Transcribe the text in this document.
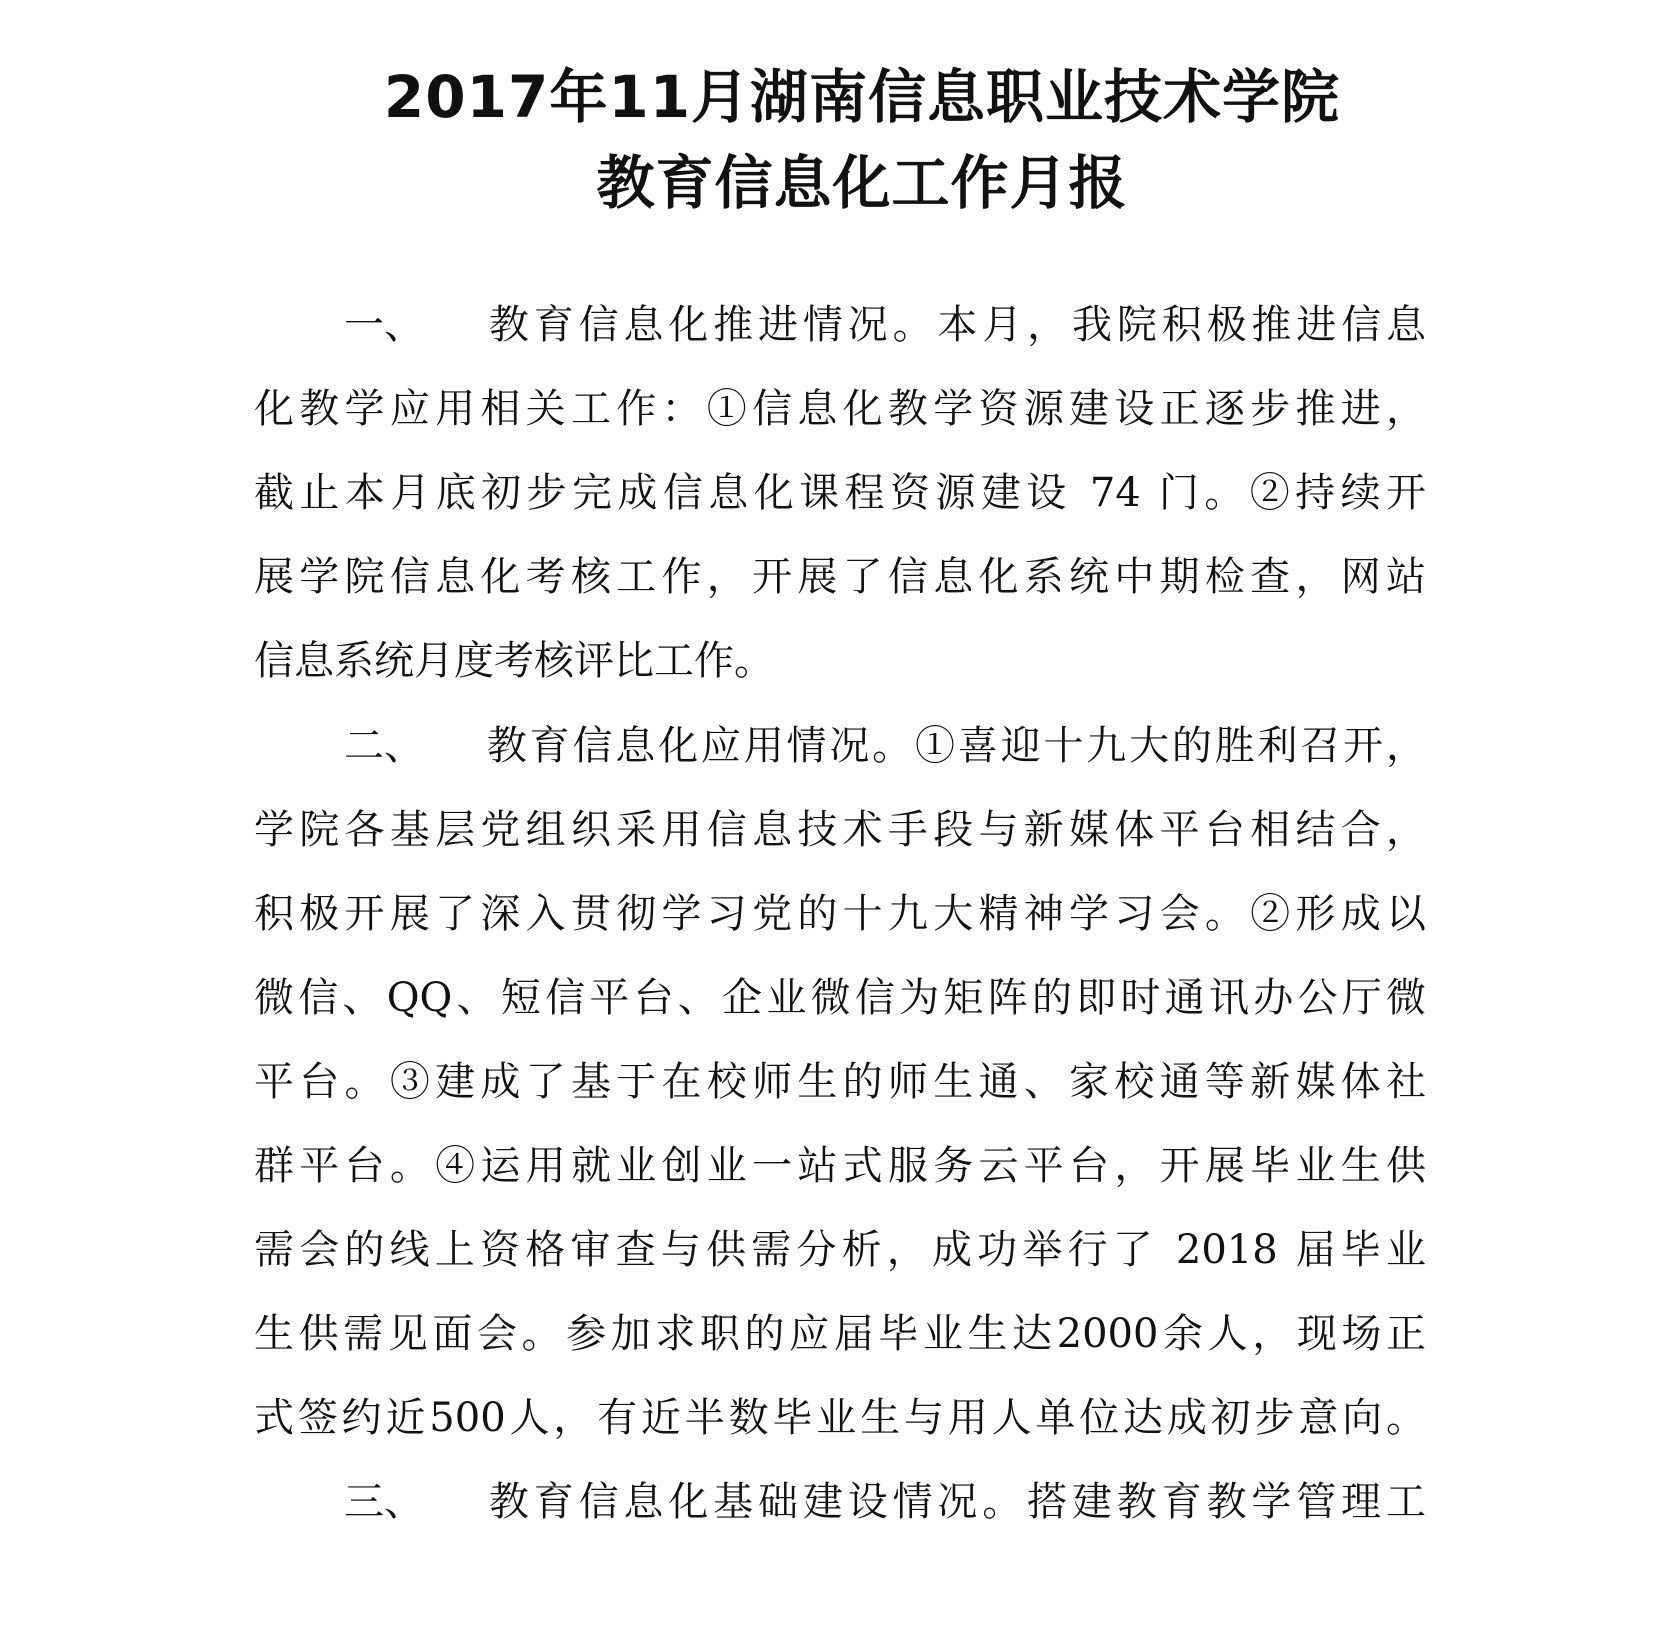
2017年11月湖南信息职业技术学院
教育信息化工作月报
一、 教育信息化推进情况。本月，我院积极推进信息
化教学应用相关工作：①信息化教学资源建设正逐步推进，
截止本月底初步完成信息化课程资源建设 74 门。②持续开
展学院信息化考核工作，开展了信息化系统中期检查，网站
信息系统月度考核评比工作。
二、 教育信息化应用情况。①喜迎十九大的胜利召开，
学院各基层党组织采用信息技术手段与新媒体平台相结合，
积极开展了深入贯彻学习党的十九大精神学习会。②形成以
微信、QQ、短信平台、企业微信为矩阵的即时通讯办公厅微
平台。③建成了基于在校师生的师生通、家校通等新媒体社
群平台。④运用就业创业一站式服务云平台，开展毕业生供
需会的线上资格审查与供需分析，成功举行了 2018 届毕业
生供需见面会。参加求职的应届毕业生达2000余人，现场正
式签约近500人，有近半数毕业生与用人单位达成初步意向。
三、 教育信息化基础建设情况。搭建教育教学管理工
